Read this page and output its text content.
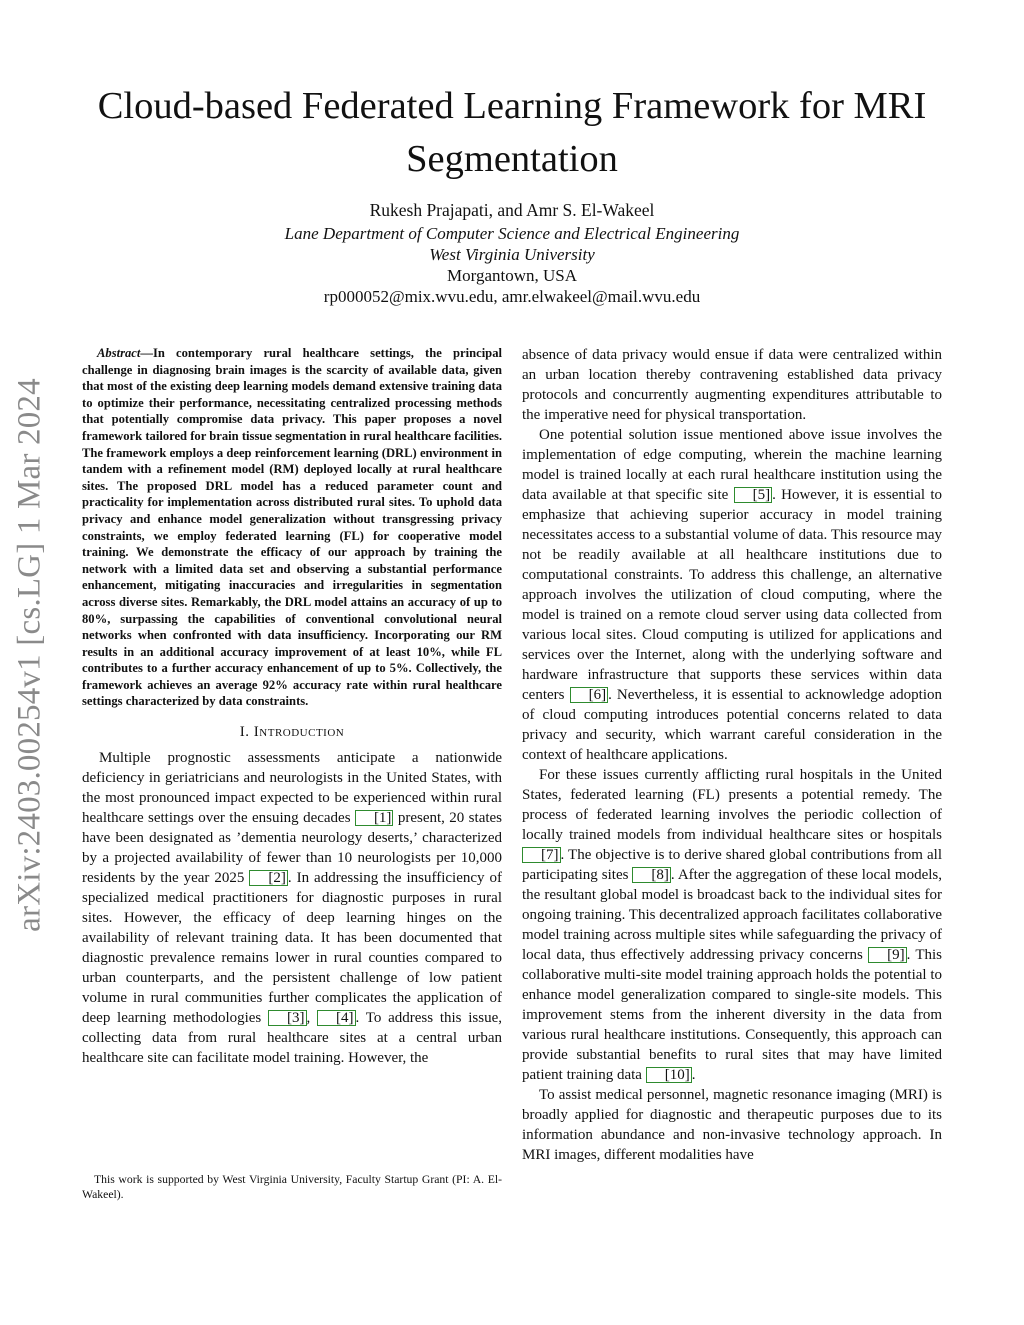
arXiv:2403.00254v1 [cs.LG] 1 Mar 2024
Cloud-based Federated Learning Framework for MRI Segmentation
Rukesh Prajapati, and Amr S. El-Wakeel
Lane Department of Computer Science and Electrical Engineering
West Virginia University
Morgantown, USA
rp000052@mix.wvu.edu, amr.elwakeel@mail.wvu.edu

Abstract—In contemporary rural healthcare settings, the principal challenge in diagnosing brain images is the scarcity of available data, given that most of the existing deep learning models demand extensive training data to optimize their performance, necessitating centralized processing methods that potentially compromise data privacy. This paper proposes a novel framework tailored for brain tissue segmentation in rural healthcare facilities. The framework employs a deep reinforcement learning (DRL) environment in tandem with a refinement model (RM) deployed locally at rural healthcare sites. The proposed DRL model has a reduced parameter count and practicality for implementation across distributed rural sites. To uphold data privacy and enhance model generalization without transgressing privacy constraints, we employ federated learning (FL) for cooperative model training. We demonstrate the efficacy of our approach by training the network with a limited data set and observing a substantial performance enhancement, mitigating inaccuracies and irregularities in segmentation across diverse sites. Remarkably, the DRL model attains an accuracy of up to 80%, surpassing the capabilities of conventional convolutional neural networks when confronted with data insufficiency. Incorporating our RM results in an additional accuracy improvement of at least 10%, while FL contributes to a further accuracy enhancement of up to 5%. Collectively, the framework achieves an average 92% accuracy rate within rural healthcare settings characterized by data constraints.

I. Introduction

Multiple prognostic assessments anticipate a nationwide deficiency in geriatricians and neurologists in the United States, with the most pronounced impact expected to be experienced within rural healthcare settings over the ensuing decades [1] present, 20 states have been designated as ’dementia neurology deserts,’ characterized by a projected availability of fewer than 10 neurologists per 10,000 residents by the year 2025 [2] . In addressing the insufficiency of specialized medical practitioners for diagnostic purposes in rural sites. However, the efficacy of deep learning hinges on the availability of relevant training data. It has been documented that diagnostic prevalence remains lower in rural counties compared to urban counterparts, and the persistent challenge of low patient volume in rural communities further complicates the application of deep learning methodologies [3] , [4] . To address this issue, collecting data from rural healthcare sites at a central urban healthcare site can facilitate model training. However, the

This work is supported by West Virginia University, Faculty Startup Grant (PI: A. El-Wakeel).

absence of data privacy would ensue if data were centralized within an urban location thereby contravening established data privacy protocols and concurrently augmenting expenditures attributable to the imperative need for physical transportation.

One potential solution issue mentioned above issue involves the implementation of edge computing, wherein the machine learning model is trained locally at each rural healthcare institution using the data available at that specific site [5] . However, it is essential to emphasize that achieving superior accuracy in model training necessitates access to a substantial volume of data. This resource may not be readily available at all healthcare institutions due to computational constraints. To address this challenge, an alternative approach involves the utilization of cloud computing, where the model is trained on a remote cloud server using data collected from various local sites. Cloud computing is utilized for applications and services over the Internet, along with the underlying software and hardware infrastructure that supports these services within data centers [6] . Nevertheless, it is essential to acknowledge adoption of cloud computing introduces potential concerns related to data privacy and security, which warrant careful consideration in the context of healthcare applications.

For these issues currently afflicting rural hospitals in the United States, federated learning (FL) presents a potential remedy. The process of federated learning involves the periodic collection of locally trained models from individual healthcare sites or hospitals [7] . The objective is to derive shared global contributions from all participating sites [8] . After the aggregation of these local models, the resultant global model is broadcast back to the individual sites for ongoing training. This decentralized approach facilitates collaborative model training across multiple sites while safeguarding the privacy of local data, thus effectively addressing privacy concerns [9] . This collaborative multi-site model training approach holds the potential to enhance model generalization compared to single-site models. This improvement stems from the inherent diversity in the data from various rural healthcare institutions. Consequently, this approach can provide substantial benefits to rural sites that may have limited patient training data [10] .

To assist medical personnel, magnetic resonance imaging (MRI) is broadly applied for diagnostic and therapeutic purposes due to its information abundance and non-invasive technology approach. In MRI images, different modalities have
